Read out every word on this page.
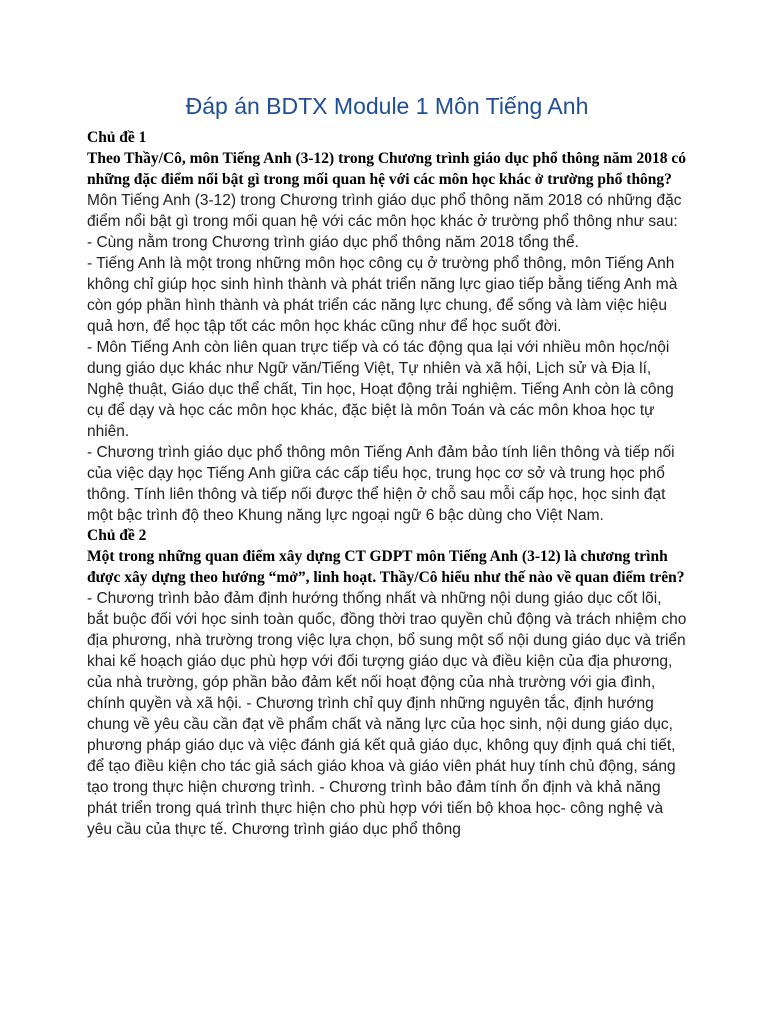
Đáp án BDTX Module 1 Môn Tiếng Anh

Chủ đề 1

Theo Thầy/Cô, môn Tiếng Anh (3-12) trong Chương trình giáo dục phổ thông năm 2018 có những đặc điểm nổi bật gì trong mối quan hệ với các môn học khác ở trường phổ thông?

Môn Tiếng Anh (3-12) trong Chương trình giáo dục phổ thông năm 2018 có những đặc điểm nổi bật gì trong mối quan hệ với các môn học khác ở trường phổ thông như sau:

- Cùng nằm trong Chương trình giáo dục phổ thông năm 2018 tổng thể.

- Tiếng Anh là một trong những môn học công cụ ở trường phổ thông, môn Tiếng Anh không chỉ giúp học sinh hình thành và phát triển năng lực giao tiếp bằng tiếng Anh mà còn góp phần hình thành và phát triển các năng lực chung, để sống và làm việc hiệu quả hơn, để học tập tốt các môn học khác cũng như để học suốt đời.

- Môn Tiếng Anh còn liên quan trực tiếp và có tác động qua lại với nhiều môn học/nội dung giáo dục khác như Ngữ văn/Tiếng Việt, Tự nhiên và xã hội, Lịch sử và Địa lí, Nghệ thuật, Giáo dục thể chất, Tin học, Hoạt động trải nghiệm. Tiếng Anh còn là công cụ để dạy và học các môn học khác, đặc biệt là môn Toán và các môn khoa học tự nhiên.

- Chương trình giáo dục phổ thông môn Tiếng Anh đảm bảo tính liên thông và tiếp nối của việc dạy học Tiếng Anh giữa các cấp tiểu học, trung học cơ sở và trung học phổ thông. Tính liên thông và tiếp nối được thể hiện ở chỗ sau mỗi cấp học, học sinh đạt một bậc trình độ theo Khung năng lực ngoại ngữ 6 bậc dùng cho Việt Nam.

Chủ đề 2

Một trong những quan điểm xây dựng CT GDPT môn Tiếng Anh (3-12) là chương trình được xây dựng theo hướng “mở”, linh hoạt. Thầy/Cô hiểu như thế nào về quan điểm trên?

- Chương trình bảo đảm định hướng thống nhất và những nội dung giáo dục cốt lõi, bắt buộc đối với học sinh toàn quốc, đồng thời trao quyền chủ động và trách nhiệm cho địa phương, nhà trường trong việc lựa chọn, bổ sung một số nội dung giáo dục và triển khai kế hoạch giáo dục phù hợp với đối tượng giáo dục và điều kiện của địa phương, của nhà trường, góp phần bảo đảm kết nối hoạt động của nhà trường với gia đình, chính quyền và xã hội. - Chương trình chỉ quy định những nguyên tắc, định hướng chung về yêu cầu cần đạt về phẩm chất và năng lực của học sinh, nội dung giáo dục, phương pháp giáo dục và việc đánh giá kết quả giáo dục, không quy định quá chi tiết, để tạo điều kiện cho tác giả sách giáo khoa và giáo viên phát huy tính chủ động, sáng tạo trong thực hiện chương trình. - Chương trình bảo đảm tính ổn định và khả năng phát triển trong quá trình thực hiện cho phù hợp với tiến bộ khoa học- công nghệ và yêu cầu của thực tế. Chương trình giáo dục phổ thông
